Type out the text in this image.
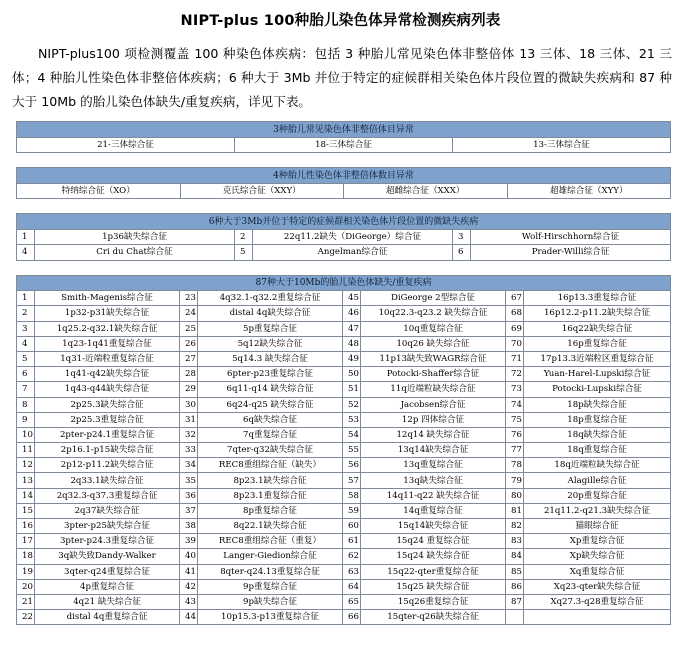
NIPT-plus 100种胎儿染色体异常检测疾病列表
NIPT-plus100 项检测覆盖 100 种染色体疾病：包括 3 种胎儿常见染色体非整倍体 13 三体、18 三体、21 三体；4 种胎儿性染色体非整倍体疾病；6 种大于 3Mb 并位于特定的症候群相关染色体片段位置的微缺失疾病和 87 种大于 10Mb 的胎儿染色体缺失/重复疾病，详见下表。
3种胎儿常见染色体非整倍体目异常
21-三体综合征	18-三体综合征	13-三体综合征
4种胎儿性染色体非整倍体数目异常
特纳综合征（XO）	克氏综合征（XXY）	超雌综合征（XXX）	超雄综合征（XYY）
6种大于3Mb并位于特定的症候群相关染色体片段位置的微缺失疾病					
1	1p36缺失综合征	2	22q11.2缺失（DiGeorge）综合征	3	Wolf-Hirschhorn综合征
4	Cri du Chat综合征	5	Angelman综合征	6	Prader-Willi综合征
87种大于10Mb的胎儿染色体缺失/重复疾病							
1	Smith-Magenis综合征	23	4q32.1-q32.2重复综合征	45	DiGeorge 2型综合征	67	16p13.3重复综合征
2	1p32-p31缺失综合征	24	distal 4q缺失综合征	46	10q22.3-q23.2 缺失综合征	68	16p12.2-p11.2缺失综合征
3	1q25.2-q32.1缺失综合征	25	5p重复综合征	47	10q重复综合征	69	16q22缺失综合征
4	1q23-1q41重复综合征	26	5q12缺失综合征	48	10q26 缺失综合征	70	16p重复综合征
5	1q31-近端粒重复综合征	27	5q14.3 缺失综合征	49	11p13缺失致WAGR综合征	71	17p13.3近端粒区重复综合征
6	1q41-q42缺失综合征	28	6pter-p23重复综合征	50	Potocki-Shaffer综合征	72	Yuan-Harel-Lupski综合征
7	1q43-q44缺失综合征	29	6q11-q14 缺失综合征	51	11q近端粒缺失综合征	73	Potocki-Lupski综合征
8	2p25.3缺失综合征	30	6q24-q25 缺失综合征	52	Jacobsen综合征	74	18p缺失综合征
9	2p25.3重复综合征	31	6q缺失综合征	53	12p 四体综合征	75	18p重复综合征
10	2pter-p24.1重复综合征	32	7q重复综合征	54	12q14 缺失综合征	76	18q缺失综合征
11	2p16.1-p15缺失综合征	33	7qter-q32缺失综合征	55	13q14缺失综合征	77	18q重复综合征
12	2p12-p11.2缺失综合征	34	REC8重组综合征（缺失）	56	13q重复综合征	78	18q近端粒缺失综合征
13	2q33.1缺失综合征	35	8p23.1缺失综合征	57	13q缺失综合征	79	Alagille综合征
14	2q32.3-q37.3重复综合征	36	8p23.1重复综合征	58	14q11-q22 缺失综合征	80	20p重复综合征
15	2q37缺失综合征	37	8p重复综合征	59	14q重复综合征	81	21q11.2-q21.3缺失综合征
16	3pter-p25缺失综合征	38	8q22.1缺失综合征	60	15q14缺失综合征	82	猫眼综合征
17	3pter-p24.3重复综合征	39	REC8重组综合征（重复）	61	15q24 重复综合征	83	Xp重复综合征
18	3q缺失致Dandy-Walker	40	Langer-Giedion综合征	62	15q24 缺失综合征	84	Xp缺失综合征
19	3qter-q24重复综合征	41	8qter-q24.13重复综合征	63	15q22-qter重复综合征	85	Xq重复综合征
20	4p重复综合征	42	9p重复综合征	64	15q25 缺失综合征	86	Xq23-qter缺失综合征
21	4q21 缺失综合征	43	9p缺失综合征	65	15q26重复综合征	87	Xq27.3-q28重复综合征
22	distal 4q重复综合征	44	10p15.3-p13重复综合征	66	15qter-q26缺失综合征		
